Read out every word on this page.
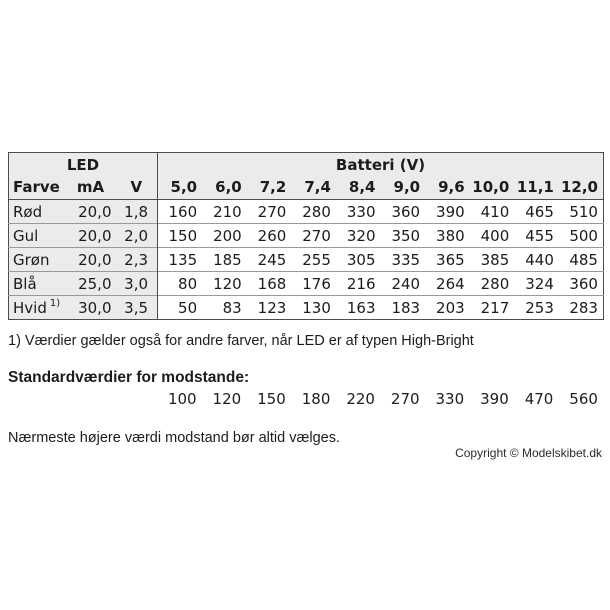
LED			Batteri (V)									
Farve	mA	V	5,0	6,0	7,2	7,4	8,4	9,0	9,6	10,0	11,1	12,0
Rød	20,0	1,8	160	210	270	280	330	360	390	410	465	510
Gul	20,0	2,0	150	200	260	270	320	350	380	400	455	500
Grøn	20,0	2,3	135	185	245	255	305	335	365	385	440	485
Blå	25,0	3,0	80	120	168	176	216	240	264	280	324	360
Hvid $^{1)}$	30,0	3,5	50	83	123	130	163	183	203	217	253	283
1) Værdier gælder også for andre farver, når LED er af typen High-Bright
Standardværdier for modstande:
100	120	150	180	220	270	330	390	470	560
Nærmeste højere værdi modstand bør altid vælges.
Copyright © Modelskibet.dk
